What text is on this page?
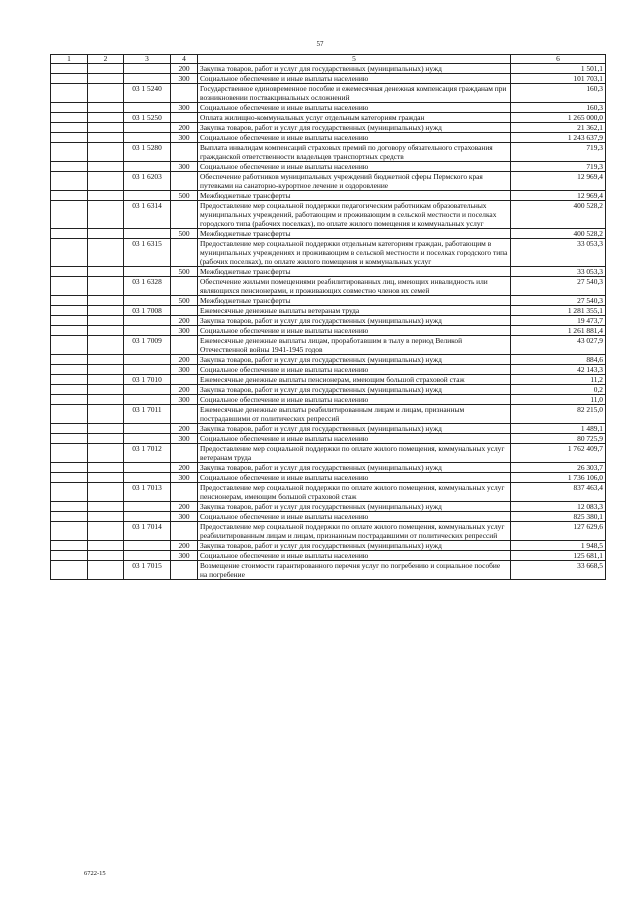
57
1	2	3	4	5	6
			200	Закупка товаров, работ и услуг для государственных (муниципальных) нужд	1 501,1
			300	Социальное обеспечение и иные выплаты населению	101 703,1
		03 1 5240		Государственное единовременное пособие и ежемесячная денежная компенсация гражданам при возникновении поствакцинальных осложнений	160,3
			300	Социальное обеспечение и иные выплаты населению	160,3
		03 1 5250		Оплата жилищно-коммунальных услуг отдельным категориям граждан	1 265 000,0
			200	Закупка товаров, работ и услуг для государственных (муниципальных) нужд	21 362,1
			300	Социальное обеспечение и иные выплаты населению	1 243 637,9
		03 1 5280		Выплата инвалидам компенсаций страховых премий по договору обязательного страхования гражданской ответственности владельцев транспортных средств	719,3
			300	Социальное обеспечение и иные выплаты населению	719,3
		03 1 6203		Обеспечение работников муниципальных учреждений бюджетной сферы Пермского края путевками на санаторно-курортное лечение и оздоровление	12 969,4
			500	Межбюджетные трансферты	12 969,4
		03 1 6314		Предоставление мер социальной поддержки педагогическим работникам образовательных муниципальных учреждений, работающим и проживающим в сельской местности и поселках городского типа (рабочих поселках), по оплате жилого помещения и коммунальных услуг	400 528,2
			500	Межбюджетные трансферты	400 528,2
		03 1 6315		Предоставление мер социальной поддержки отдельным категориям граждан, работающим в муниципальных учреждениях и проживающим в сельской местности и поселках городского типа (рабочих поселках), по оплате жилого помещения и коммунальных услуг	33 053,3
			500	Межбюджетные трансферты	33 053,3
		03 1 6328		Обеспечение жилыми помещениями реабилитированных лиц, имеющих инвалидность или являющихся пенсионерами, и проживающих совместно членов их семей	27 540,3
			500	Межбюджетные трансферты	27 540,3
		03 1 7008		Ежемесячные денежные выплаты ветеранам труда	1 281 355,1
			200	Закупка товаров, работ и услуг для государственных (муниципальных) нужд	19 473,7
			300	Социальное обеспечение и иные выплаты населению	1 261 881,4
		03 1 7009		Ежемесячные денежные выплаты лицам, проработавшим в тылу в период Великой Отечественной войны 1941-1945 годов	43 027,9
			200	Закупка товаров, работ и услуг для государственных (муниципальных) нужд	884,6
			300	Социальное обеспечение и иные выплаты населению	42 143,3
		03 1 7010		Ежемесячные денежные выплаты пенсионерам, имеющим большой страховой стаж	11,2
			200	Закупка товаров, работ и услуг для государственных (муниципальных) нужд	0,2
			300	Социальное обеспечение и иные выплаты населению	11,0
		03 1 7011		Ежемесячные денежные выплаты реабилитированным лицам и лицам, признанным пострадавшими от политических репрессий	82 215,0
			200	Закупка товаров, работ и услуг для государственных (муниципальных) нужд	1 489,1
			300	Социальное обеспечение и иные выплаты населению	80 725,9
		03 1 7012		Предоставление мер социальной поддержки по оплате жилого помещения, коммунальных услуг ветеранам труда	1 762 409,7
			200	Закупка товаров, работ и услуг для государственных (муниципальных) нужд	26 303,7
			300	Социальное обеспечение и иные выплаты населению	1 736 106,0
		03 1 7013		Предоставление мер социальной поддержки по оплате жилого помещения, коммунальных услуг пенсионерам, имеющим большой страховой стаж	837 463,4
			200	Закупка товаров, работ и услуг для государственных (муниципальных) нужд	12 083,3
			300	Социальное обеспечение и иные выплаты населению	825 380,1
		03 1 7014		Предоставление мер социальной поддержки по оплате жилого помещения, коммунальных услуг реабилитированным лицам и лицам, признанным пострадавшими от политических репрессий	127 629,6
			200	Закупка товаров, работ и услуг для государственных (муниципальных) нужд	1 948,5
			300	Социальное обеспечение и иные выплаты населению	125 681,1
		03 1 7015		Возмещение стоимости гарантированного перечня услуг по погребению и социальное пособие на погребение	33 668,5
6722-15
